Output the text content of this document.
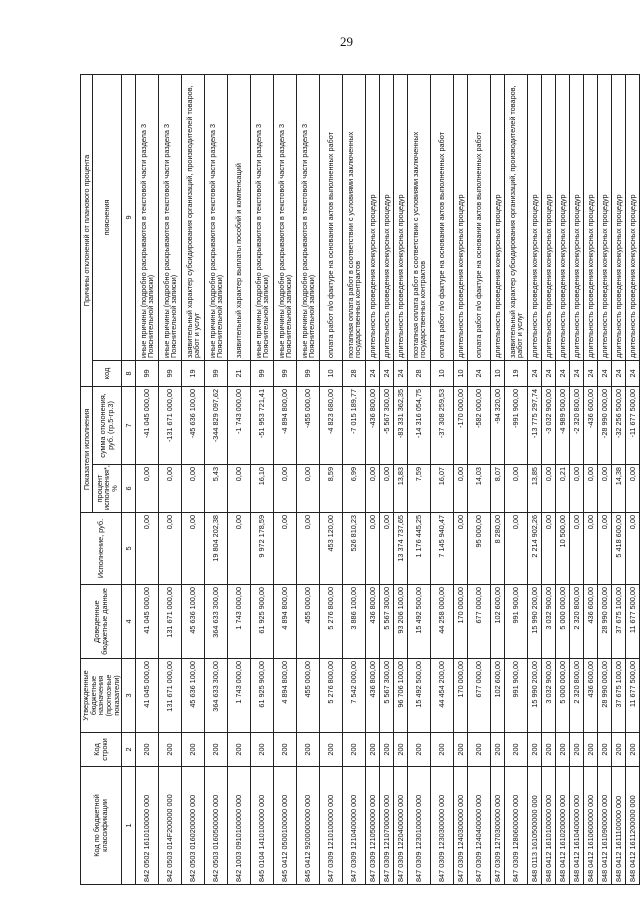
29
Код по бюджетной классификации	Код строки	Утвержденные бюджетные назначения (прогнозные показатели)	Доведенные бюджетные данные	Исполнение, руб.	Показатели исполнения		Причины отклонений от планового процента	
					процент исполнения*, %	сумма отклонения, руб. (гр.5-гр.3)	код	пояснения
1	2	3	4	5	6	7	8	9
842 0502 1610100000 000	200	41 045 000,00	41 045 000,00	0,00	0,00	-41 045 000,00	99	иные причины (подробно раскрываются в текстовой части раздела 3 Пояснительной записки)
842 0503 014F200000 000	200	131 671 000,00	131 671 000,00	0,00	0,00	-131 671 000,00	99	иные причины (подробно раскрываются в текстовой части раздела 3 Пояснительной записки)
842 0503 0160200000 000	200	45 636 100,00	45 636 100,00	0,00	0,00	-45 636 100,00	19	заявительный характер субсидирования организаций, производителей товаров, работ и услуг
842 0503 0160500000 000	200	364 633 300,00	364 633 300,00	19 804 202,38	5,43	-344 829 097,62	99	иные причины (подробно раскрываются в текстовой части раздела 3 Пояснительной записки)
842 1003 0910100000 000	200	1 743 000,00	1 743 000,00	0,00	0,00	-1 743 000,00	21	заявительный характер выплаты пособий и компенсаций
845 0104 1410100000 000	200	61 925 900,00	61 925 900,00	9 972 178,59	16,10	-51 953 721,41	99	иные причины (подробно раскрываются в текстовой части раздела 3 Пояснительной записки)
845 0412 0500100000 000	200	4 894 800,00	4 894 800,00	0,00	0,00	-4 894 800,00	99	иные причины (подробно раскрываются в текстовой части раздела 3 Пояснительной записки)
845 0412 9200000000 000	200	455 000,00	455 000,00	0,00	0,00	-455 000,00	99	иные причины (подробно раскрываются в текстовой части раздела 3 Пояснительной записки)
847 0309 1210100000 000	200	5 276 800,00	5 276 800,00	453 120,00	8,59	-4 823 680,00	10	оплата работ п/о фактуре на основании актов выполненных работ
847 0309 1210400000 000	200	7 542 000,00	3 886 100,00	526 810,23	6,99	-7 015 189,77	28	поэтапная оплата работ в соответствии с условиями заключенных государственных контрактов
847 0309 1210500000 000	200	436 800,00	436 800,00	0,00	0,00	-436 800,00	24	длительность проведения конкурсных процедур
847 0309 1210700000 000	200	5 567 300,00	5 567 300,00	0,00	0,00	-5 567 300,00	24	длительность проведения конкурсных процедур
847 0309 1220400000 000	200	96 706 100,00	93 206 100,00	13 374 737,65	13,83	-83 331 362,35	24	длительность проведения конкурсных процедур
847 0309 1230100000 000	200	15 492 500,00	15 492 500,00	1 176 445,25	7,59	-14 316 054,75	28	поэтапная оплата работ в соответствии с условиями заключенных государственных контрактов
847 0309 1230300000 000	200	44 454 200,00	44 258 000,00	7 145 940,47	16,07	-37 308 259,53	10	оплата работ п/о фактуре на основании актов выполненных работ
847 0309 1240300000 000	200	170 000,00	170 000,00	0,00	0,00	-170 000,00	10	длительность проведения конкурсных процедур
847 0309 1240400000 000	200	677 000,00	677 000,00	95 000,00	14,03	-582 000,00	24	оплата работ п/о фактуре на основании актов выполненных работ
847 0309 1270300000 000	200	102 600,00	102 600,00	8 280,00	8,07	-94 320,00	10	длительность проведения конкурсных процедур
847 0309 1280600000 000	200	991 900,00	991 900,00	0,00	0,00	-991 900,00	19	заявительный характер субсидирования организаций, производителей товаров, работ и услуг
848 0113 1610500000 000	200	15 990 200,00	15 990 200,00	2 214 902,26	13,85	-13 775 297,74	24	длительность проведения конкурсных процедур
848 0412 1610100000 000	200	3 032 900,00	3 032 900,00	0,00	0,00	-3 032 900,00	24	длительность проведения конкурсных процедур
848 0412 1610200000 000	200	5 000 000,00	5 000 000,00	10 500,00	0,21	-4 989 500,00	24	длительность проведения конкурсных процедур
848 0412 1610400000 000	200	2 320 800,00	2 320 800,00	0,00	0,00	-2 320 800,00	24	длительность проведения конкурсных процедур
848 0412 1610600000 000	200	436 600,00	436 600,00	0,00	0,00	-436 600,00	24	длительность проведения конкурсных процедур
848 0412 1610900000 000	200	28 990 000,00	28 990 000,00	0,00	0,00	-28 990 000,00	24	длительность проведения конкурсных процедур
848 0412 1611100000 000	200	37 675 100,00	37 675 100,00	5 418 600,00	14,38	-32 256 500,00	24	длительность проведения конкурсных процедур
848 0412 1611200000 000	200	11 677 500,00	11 677 500,00	0,00	0,00	-11 677 500,00	24	длительность проведения конкурсных процедур
